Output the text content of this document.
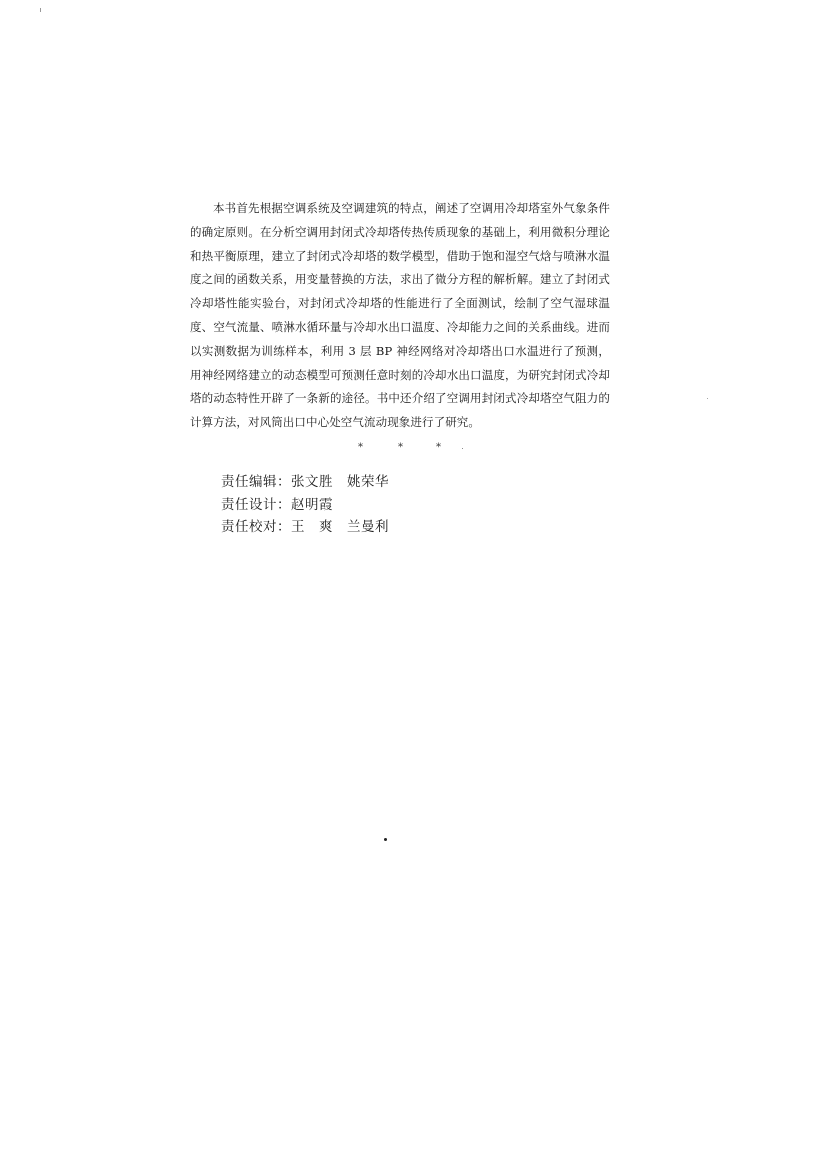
本书首先根据空调系统及空调建筑的特点，阐述了空调用冷却塔室外气象条件的确定原则。在分析空调用封闭式冷却塔传热传质现象的基础上，利用微积分理论和热平衡原理，建立了封闭式冷却塔的数学模型，借助于饱和湿空气焓与喷淋水温度之间的函数关系，用变量替换的方法，求出了微分方程的解析解。建立了封闭式冷却塔性能实验台，对封闭式冷却塔的性能进行了全面测试，绘制了空气湿球温度、空气流量、喷淋水循环量与冷却水出口温度、冷却能力之间的关系曲线。进而以实测数据为训练样本，利用 3 层 BP 神经网络对冷却塔出口水温进行了预测，用神经网络建立的动态模型可预测任意时刻的冷却水出口温度，为研究封闭式冷却塔的动态特性开辟了一条新的途径。书中还介绍了空调用封闭式冷却塔空气阻力的计算方法，对风筒出口中心处空气流动现象进行了研究。

*	*	*
责任编辑：张文胜　姚荣华
责任设计：赵明霞
责任校对：王　爽　兰曼利
